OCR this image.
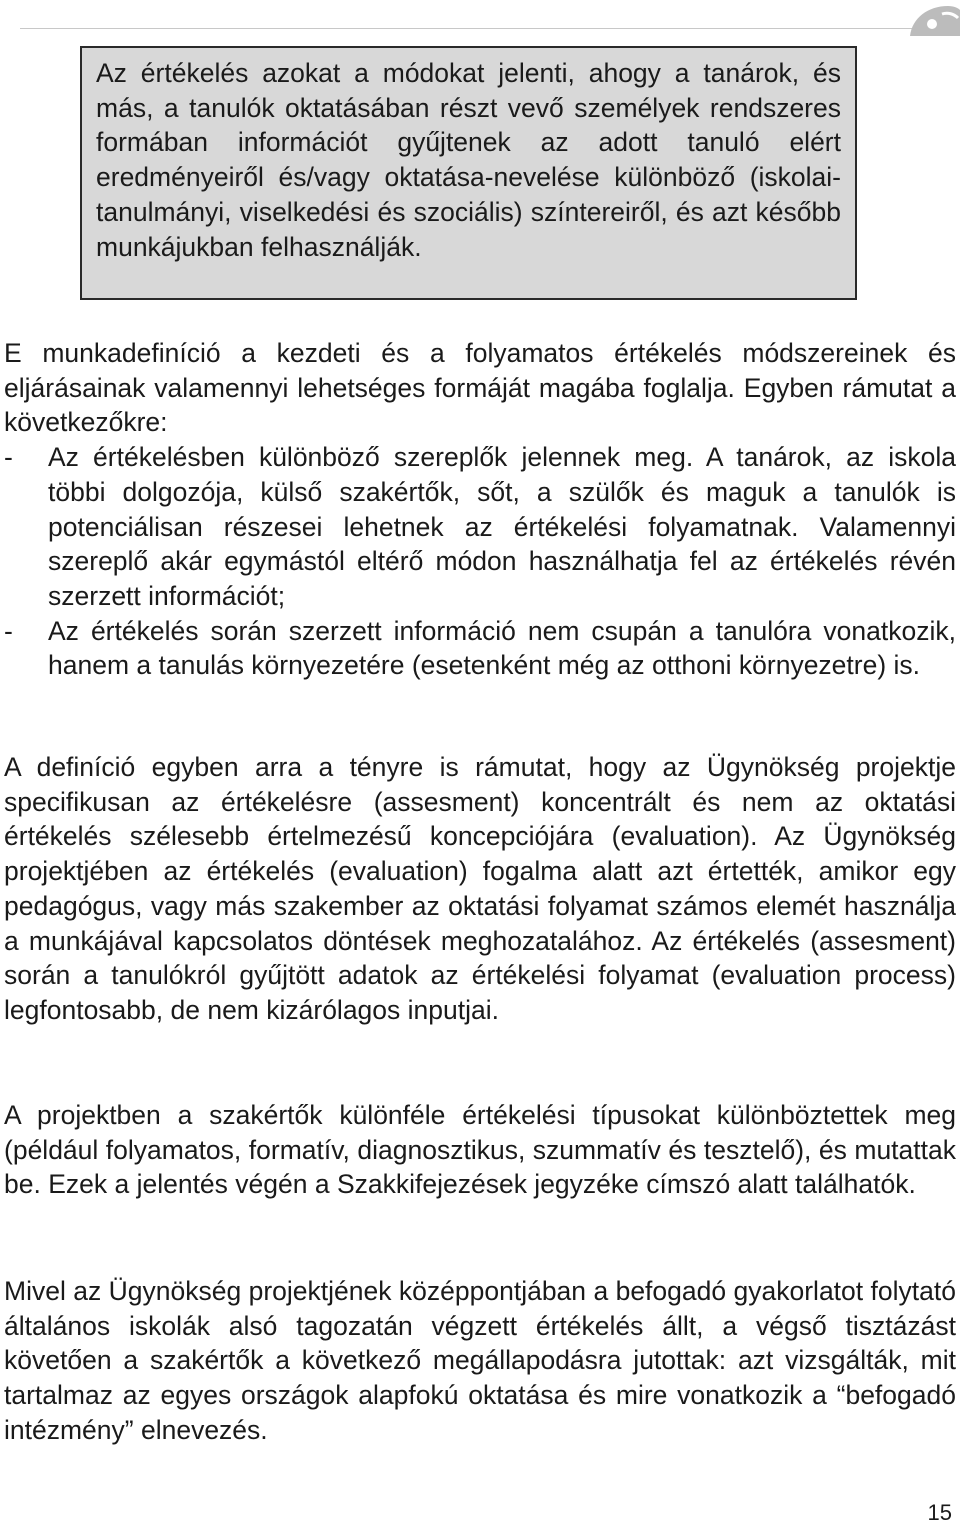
Az értékelés azokat a módokat jelenti, ahogy a tanárok, és más, a tanulók oktatásában részt vevő személyek rendszeres formában információt gyűjtenek az adott tanuló elért eredményeiről és/vagy oktatása-nevelése különböző (iskolai-tanulmányi, viselkedési és szociális) színtereiről, és azt később munkájukban felhasználják.

E munkadefiníció a kezdeti és a folyamatos értékelés módszereinek és eljárásainak valamennyi lehetséges formáját magába foglalja. Egyben rámutat a következőkre:

- Az értékelésben különböző szereplők jelennek meg. A tanárok, az iskola többi dolgozója, külső szakértők, sőt, a szülők és maguk a tanulók is potenciálisan részesei lehetnek az értékelési folyamatnak. Valamennyi szereplő akár egymástól eltérő módon használhatja fel az értékelés révén szerzett információt;
- Az értékelés során szerzett információ nem csupán a tanulóra vonatkozik, hanem a tanulás környezetére (esetenként még az otthoni környezetre) is.

A definíció egyben arra a tényre is rámutat, hogy az Ügynökség projektje specifikusan az értékelésre (assesment) koncentrált és nem az oktatási értékelés szélesebb értelmezésű koncepciójára (evaluation). Az Ügynökség projektjében az értékelés (evaluation) fogalma alatt azt értették, amikor egy pedagógus, vagy más szakember az oktatási folyamat számos elemét használja a munkájával kapcsolatos döntések meghozatalához. Az értékelés (assesment) során a tanulókról gyűjtött adatok az értékelési folyamat (evaluation process) legfontosabb, de nem kizárólagos inputjai.

A projektben a szakértők különféle értékelési típusokat különböztettek meg (például folyamatos, formatív, diagnosztikus, szummatív és tesztelő), és mutattak be. Ezek a jelentés végén a Szakkifejezések jegyzéke címszó alatt találhatók.

Mivel az Ügynökség projektjének középpontjában a befogadó gyakorlatot folytató általános iskolák alsó tagozatán végzett értékelés állt, a végső tisztázást követően a szakértők a következő megállapodásra jutottak: azt vizsgálták, mit tartalmaz az egyes országok alapfokú oktatása és mire vonatkozik a “befogadó intézmény” elnevezés.

15
